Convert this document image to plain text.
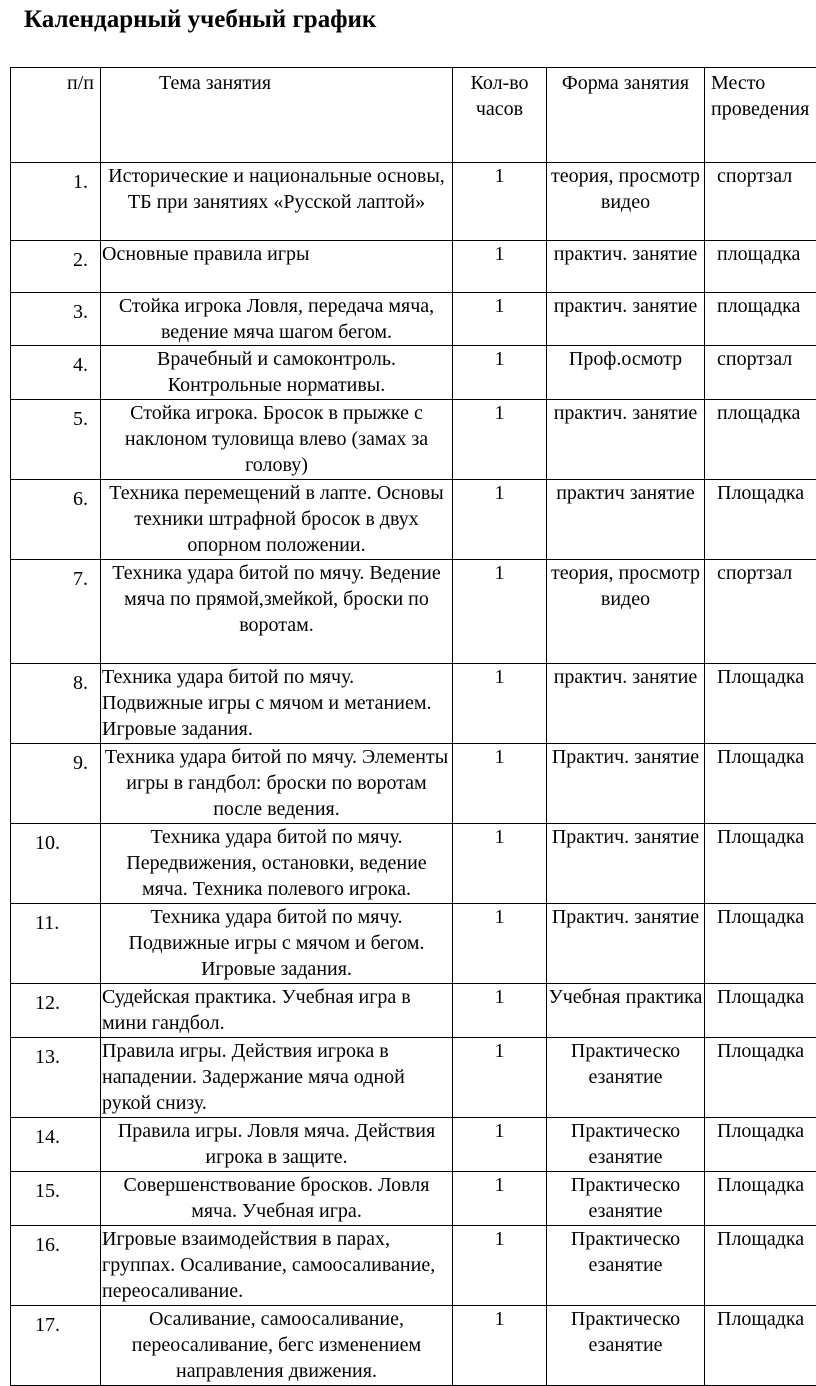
Календарный учебный график
п/п	Тема занятия	Кол-во часов	Форма занятия	Место проведения
1.	Исторические и национальные основы, ТБ при занятиях «Русской лаптой»	1	теория, просмотр видео	спортзал
2.	Основные правила игры	1	практич. занятие	площадка
3.	Стойка игрока Ловля, передача мяча, ведение мяча шагом бегом.	1	практич. занятие	площадка
4.	Врачебный и самоконтроль. Контрольные нормативы.	1	Проф.осмотр	спортзал
5.	Стойка игрока. Бросок в прыжке с наклоном туловища влево (замах за голову)	1	практич. занятие	площадка
6.	Техника перемещений в лапте. Основы техники штрафной бросок в двух опорном положении.	1	практич занятие	Площадка
7.	Техника удара битой по мячу. Ведение мяча по прямой,змейкой, броски по воротам.	1	теория, просмотр видео	спортзал
8.	Техника удара битой по мячу. Подвижные игры с мячом и метанием. Игровые задания.	1	практич. занятие	Площадка
9.	Техника удара битой по мячу. Элементы игры в гандбол: броски по воротам после ведения.	1	Практич. занятие	Площадка
10.	Техника удара битой по мячу. Передвижения, остановки, ведение мяча. Техника полевого игрока.	1	Практич. занятие	Площадка
11.	Техника удара битой по мячу. Подвижные игры с мячом и бегом. Игровые задания.	1	Практич. занятие	Площадка
12.	Судейская практика. Учебная игра в мини гандбол.	1	Учебная практика	Площадка
13.	Правила игры. Действия игрока в нападении. Задержание мяча одной рукой снизу.	1	Практическо езанятие	Площадка
14.	Правила игры. Ловля мяча. Действия игрока в защите.	1	Практическо езанятие	Площадка
15.	Совершенствование бросков. Ловля мяча. Учебная игра.	1	Практическо езанятие	Площадка
16.	Игровые взаимодействия в парах, группах. Осаливание, самоосаливание, переосаливание.	1	Практическо езанятие	Площадка
17.	Осаливание, самоосаливание, переосаливание, бегс изменением направления движения.	1	Практическо езанятие	Площадка
